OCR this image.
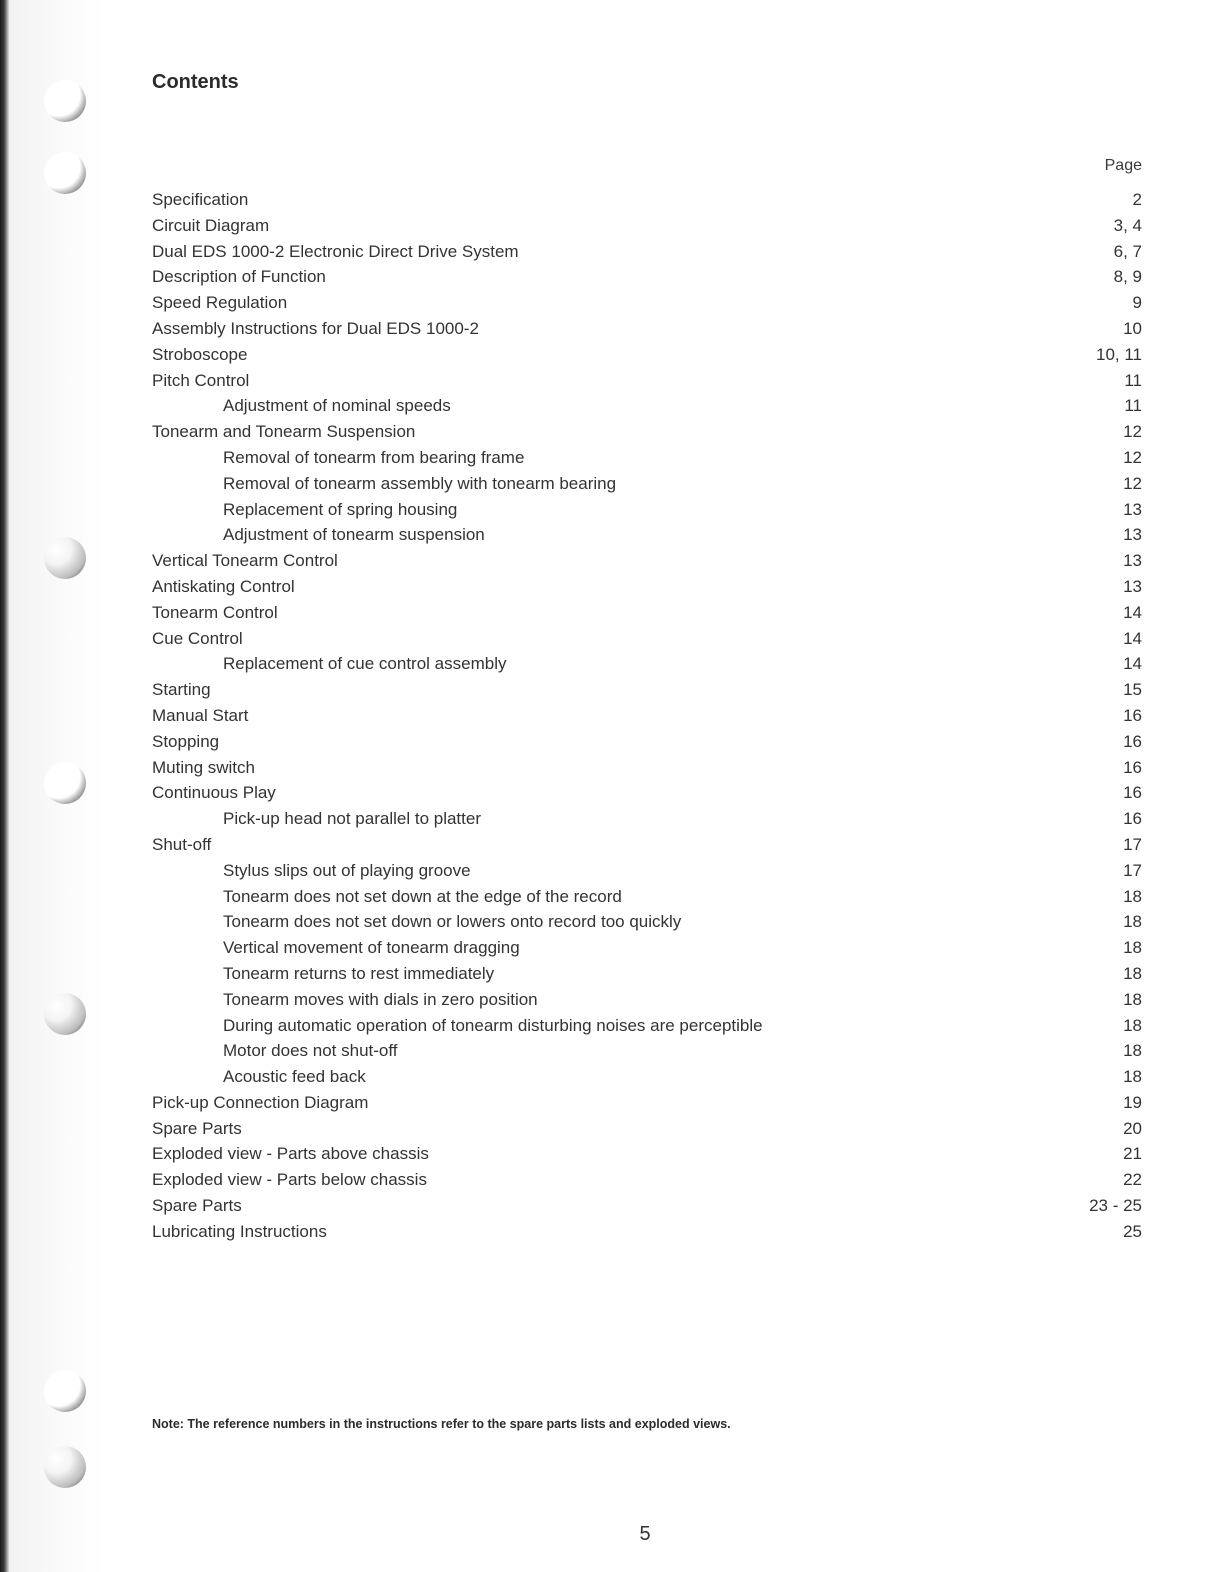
Contents
Page
Specification	2
Circuit Diagram	3, 4
Dual EDS 1000-2 Electronic Direct Drive System	6, 7
Description of Function	8, 9
Speed Regulation	9
Assembly Instructions for Dual EDS 1000-2	10
Stroboscope	10, 11
Pitch Control	11
Adjustment of nominal speeds	11
Tonearm and Tonearm Suspension	12
Removal of tonearm from bearing frame	12
Removal of tonearm assembly with tonearm bearing	12
Replacement of spring housing	13
Adjustment of tonearm suspension	13
Vertical Tonearm Control	13
Antiskating Control	13
Tonearm Control	14
Cue Control	14
Replacement of cue control assembly	14
Starting	15
Manual Start	16
Stopping	16
Muting switch	16
Continuous Play	16
Pick-up head not parallel to platter	16
Shut-off	17
Stylus slips out of playing groove	17
Tonearm does not set down at the edge of the record	18
Tonearm does not set down or lowers onto record too quickly	18
Vertical movement of tonearm dragging	18
Tonearm returns to rest immediately	18
Tonearm moves with dials in zero position	18
During automatic operation of tonearm disturbing noises are perceptible	18
Motor does not shut-off	18
Acoustic feed back	18
Pick-up Connection Diagram	19
Spare Parts	20
Exploded view - Parts above chassis	21
Exploded view - Parts below chassis	22
Spare Parts	23 - 25
Lubricating Instructions	25

Note: The reference numbers in the instructions refer to the spare parts lists and exploded views.

5
